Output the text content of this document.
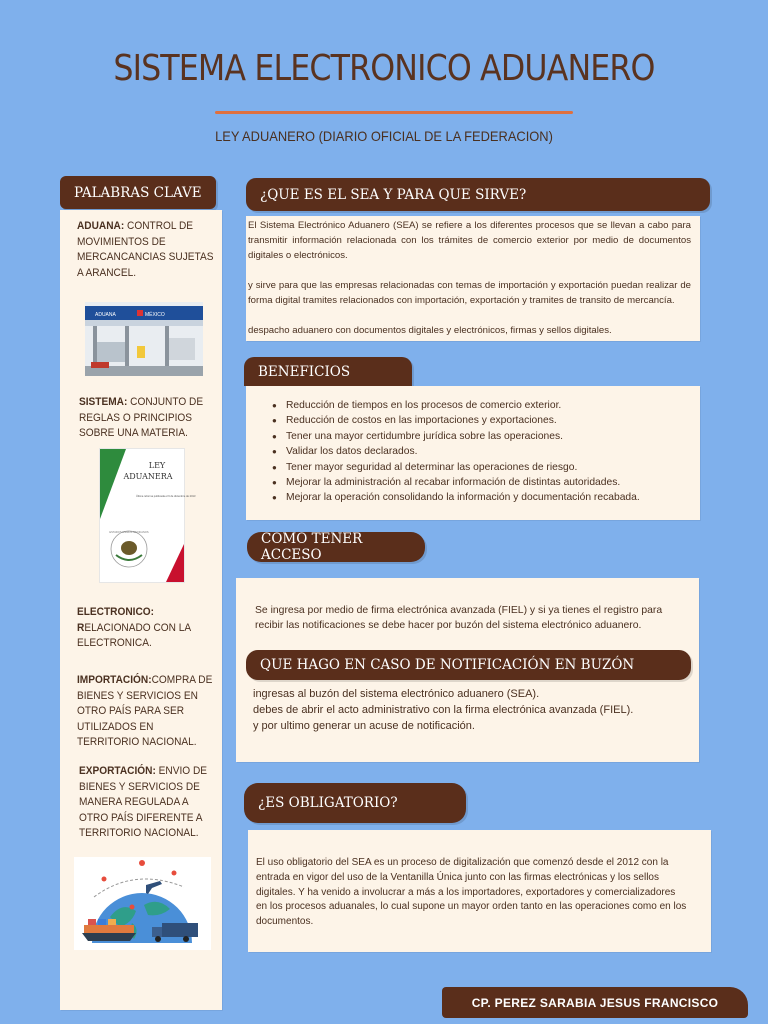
SISTEMA ELECTRONICO ADUANERO
LEY ADUANERO (DIARIO OFICIAL DE LA FEDERACION)
PALABRAS CLAVE
ADUANA: CONTROL DE MOVIMIENTOS DE MERCANCANCIAS SUJETAS A ARANCEL.
ADUANA	MÉXICO
SISTEMA: CONJUNTO DE REGLAS O PRINCIPIOS SOBRE UNA MATERIA.
LEY
ADUANERA
Última reforma publicada el 9 de diciembre de 2013
ESTADOS UNIDOS MEXICANOS
ELECTRONICO:
RELACIONADO CON LA ELECTRONICA.
IMPORTACIÓN:COMPRA DE BIENES Y SERVICIOS EN OTRO PAÍS PARA SER UTILIZADOS EN TERRITORIO NACIONAL.
EXPORTACIÓN: ENVIO DE BIENES Y SERVICIOS DE MANERA REGULADA A OTRO PAÍS DIFERENTE A TERRITORIO NACIONAL.
¿QUE ES EL SEA Y PARA QUE SIRVE?

El Sistema Electrónico Aduanero (SEA) se refiere a los diferentes procesos que se llevan a cabo para transmitir información relacionada con los trámites de comercio exterior por medio de documentos digitales o electrónicos.

y sirve para que las empresas relacionadas con temas de importación y exportación puedan realizar de forma digital tramites relacionados con importación, exportación y tramites de transito de mercancía.

despacho aduanero con documentos digitales y electrónicos, firmas y sellos digitales.

BENEFICIOS
● Reducción de tiempos en los procesos de comercio exterior.
● Reducción de costos en las importaciones y exportaciones.
● Tener una mayor certidumbre jurídica sobre las operaciones.
● Validar los datos declarados.
● Tener mayor seguridad al determinar las operaciones de riesgo.
● Mejorar la administración al recabar información de distintas autoridades.
● Mejorar la operación consolidando la información y documentación recabada.
COMO TENER ACCESO
Se ingresa por medio de firma electrónica avanzada (FIEL) y si ya tienes el registro para recibir las notificaciones se debe hacer por buzón del sistema electrónico aduanero.
QUE HAGO EN CASO DE NOTIFICACIÓN EN BUZÓN
ingresas al buzón del sistema electrónico aduanero (SEA).
debes de abrir el acto administrativo con la firma electrónica avanzada (FIEL).
y por ultimo generar un acuse de notificación.
¿ES OBLIGATORIO?
El uso obligatorio del SEA es un proceso de digitalización que comenzó desde el 2012 con la entrada en vigor del uso de la Ventanilla Única junto con las firmas electrónicas y los sellos digitales. Y ha venido a involucrar a más a los importadores, exportadores y comercializadores en los procesos aduanales, lo cual supone un mayor orden tanto en las operaciones como en los documentos.
CP. PEREZ SARABIA JESUS FRANCISCO
